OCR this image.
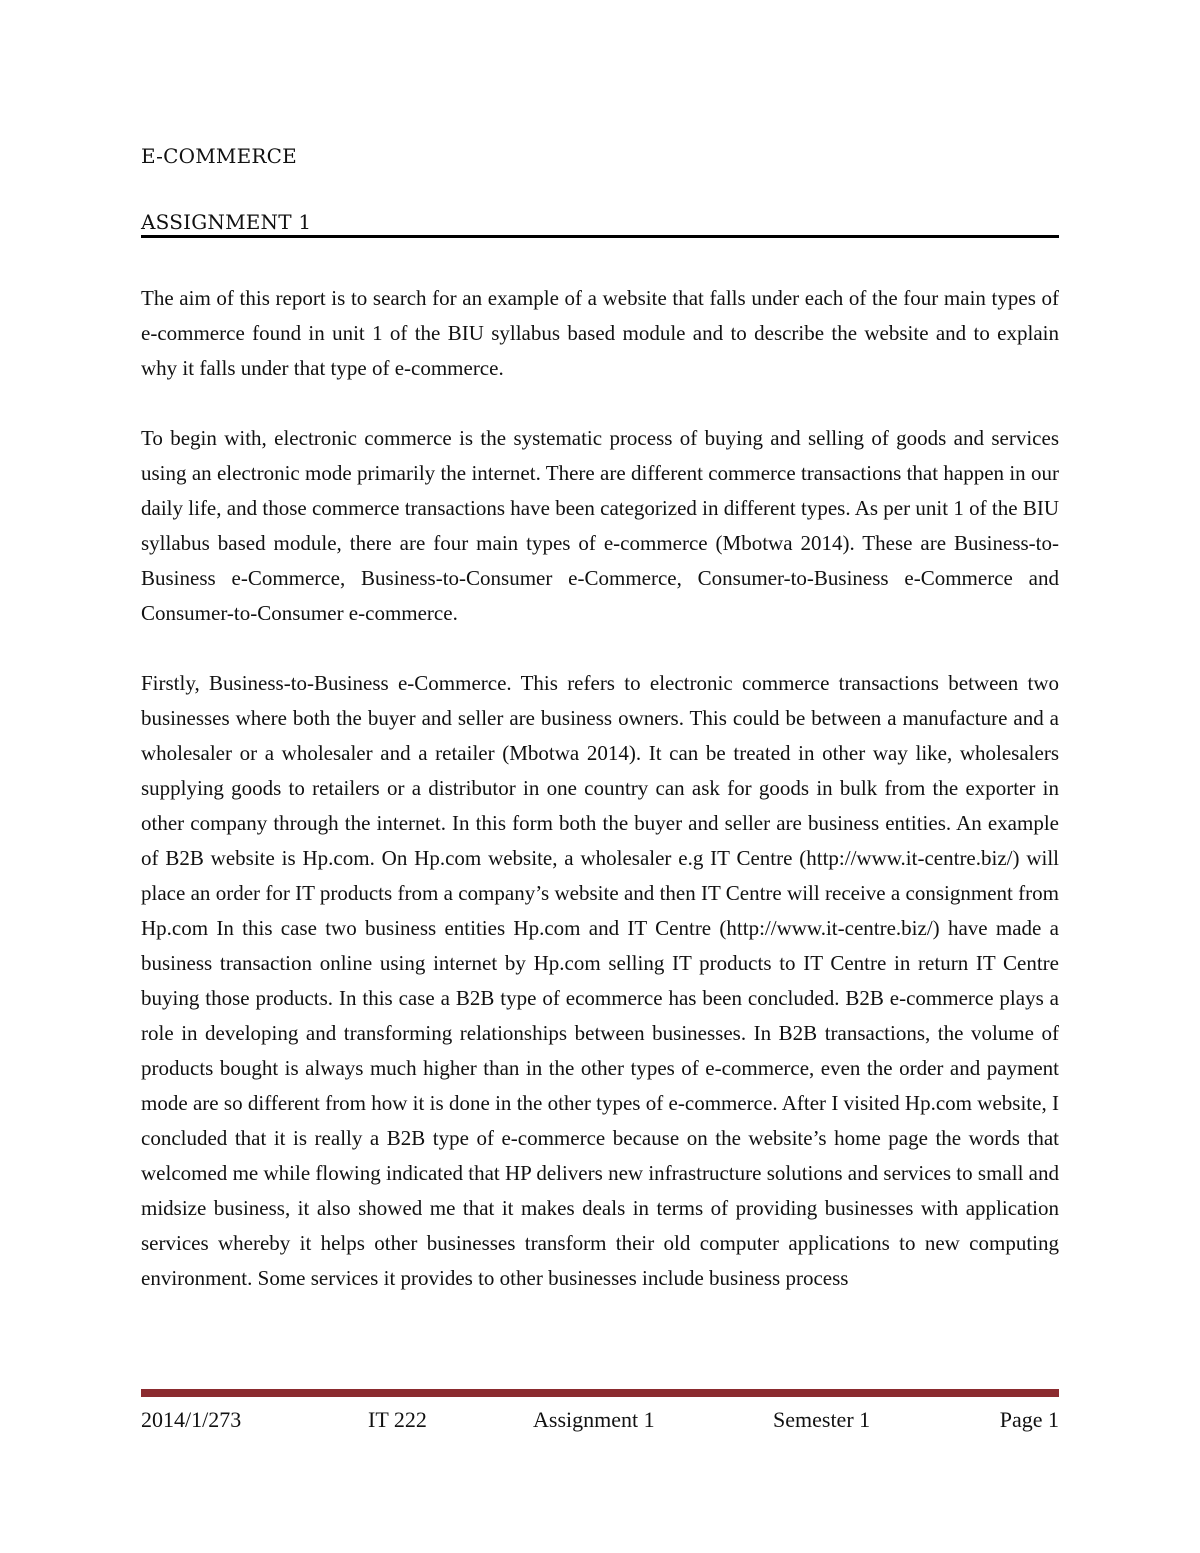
E-COMMERCE
ASSIGNMENT 1

The aim of this report is to search for an example of a website that falls under each of the four main types of e-commerce found in unit 1 of the BIU syllabus based module and to describe the website and to explain why it falls under that type of e-commerce.

To begin with, electronic commerce is the systematic process of buying and selling of goods and services using an electronic mode primarily the internet. There are different commerce transactions that happen in our daily life, and those commerce transactions have been categorized in different types. As per unit 1 of the BIU syllabus based module, there are four main types of e-commerce (Mbotwa 2014). These are Business-to-Business e-Commerce, Business-to-Consumer e-Commerce, Consumer-to-Business e-Commerce and Consumer-to-Consumer e-commerce.

Firstly, Business-to-Business e-Commerce. This refers to electronic commerce transactions between two businesses where both the buyer and seller are business owners. This could be between a manufacture and a wholesaler or a wholesaler and a retailer (Mbotwa 2014). It can be treated in other way like, wholesalers supplying goods to retailers or a distributor in one country can ask for goods in bulk from the exporter in other company through the internet. In this form both the buyer and seller are business entities. An example of B2B website is Hp.com. On Hp.com website, a wholesaler e.g IT Centre (http://www.it-centre.biz/) will place an order for IT products from a company’s website and then IT Centre will receive a consignment from Hp.com In this case two business entities Hp.com and IT Centre (http://www.it-centre.biz/) have made a business transaction online using internet by Hp.com selling IT products to IT Centre in return IT Centre buying those products. In this case a B2B type of ecommerce has been concluded. B2B e-commerce plays a role in developing and transforming relationships between businesses. In B2B transactions, the volume of products bought is always much higher than in the other types of e-commerce, even the order and payment mode are so different from how it is done in the other types of e-commerce. After I visited Hp.com website, I concluded that it is really a B2B type of e-commerce because on the website’s home page the words that welcomed me while flowing indicated that HP delivers new infrastructure solutions and services to small and midsize business, it also showed me that it makes deals in terms of providing businesses with application services whereby it helps other businesses transform their old computer applications to new computing environment. Some services it provides to other businesses include business process

2014/1/273	IT 222	Assignment 1	Semester 1	Page 1
